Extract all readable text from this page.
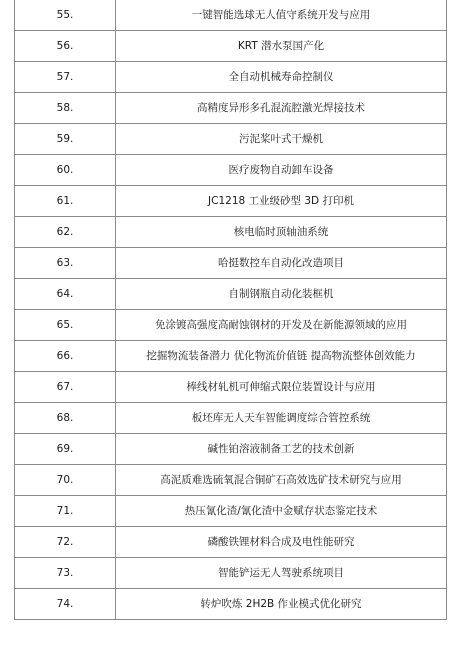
55.	一键智能选球无人值守系统开发与应用
56.	KRT 潜水泵国产化
57.	全自动机械寿命控制仪
58.	高精度异形多孔混流腔激光焊接技术
59.	污泥桨叶式干燥机
60.	医疗废物自动卸车设备
61.	JC1218 工业级砂型 3D 打印机
62.	核电临时顶轴油系统
63.	哈挺数控车自动化改造项目
64.	自制钢瓶自动化装框机
65.	免涂镀高强度高耐蚀钢材的开发及在新能源领域的应用
66.	挖掘物流装备潜力 优化物流价值链 提高物流整体创效能力
67.	棒线材轧机可伸缩式限位装置设计与应用
68.	板坯库无人天车智能调度综合管控系统
69.	碱性铂溶液制备工艺的技术创新
70.	高泥质难选硫氧混合铜矿石高效选矿技术研究与应用
71.	热压氰化渣/氰化渣中金赋存状态鉴定技术
72.	磷酸铁锂材料合成及电性能研究
73.	智能铲运无人驾驶系统项目
74.	转炉吹炼 2H2B 作业模式优化研究
